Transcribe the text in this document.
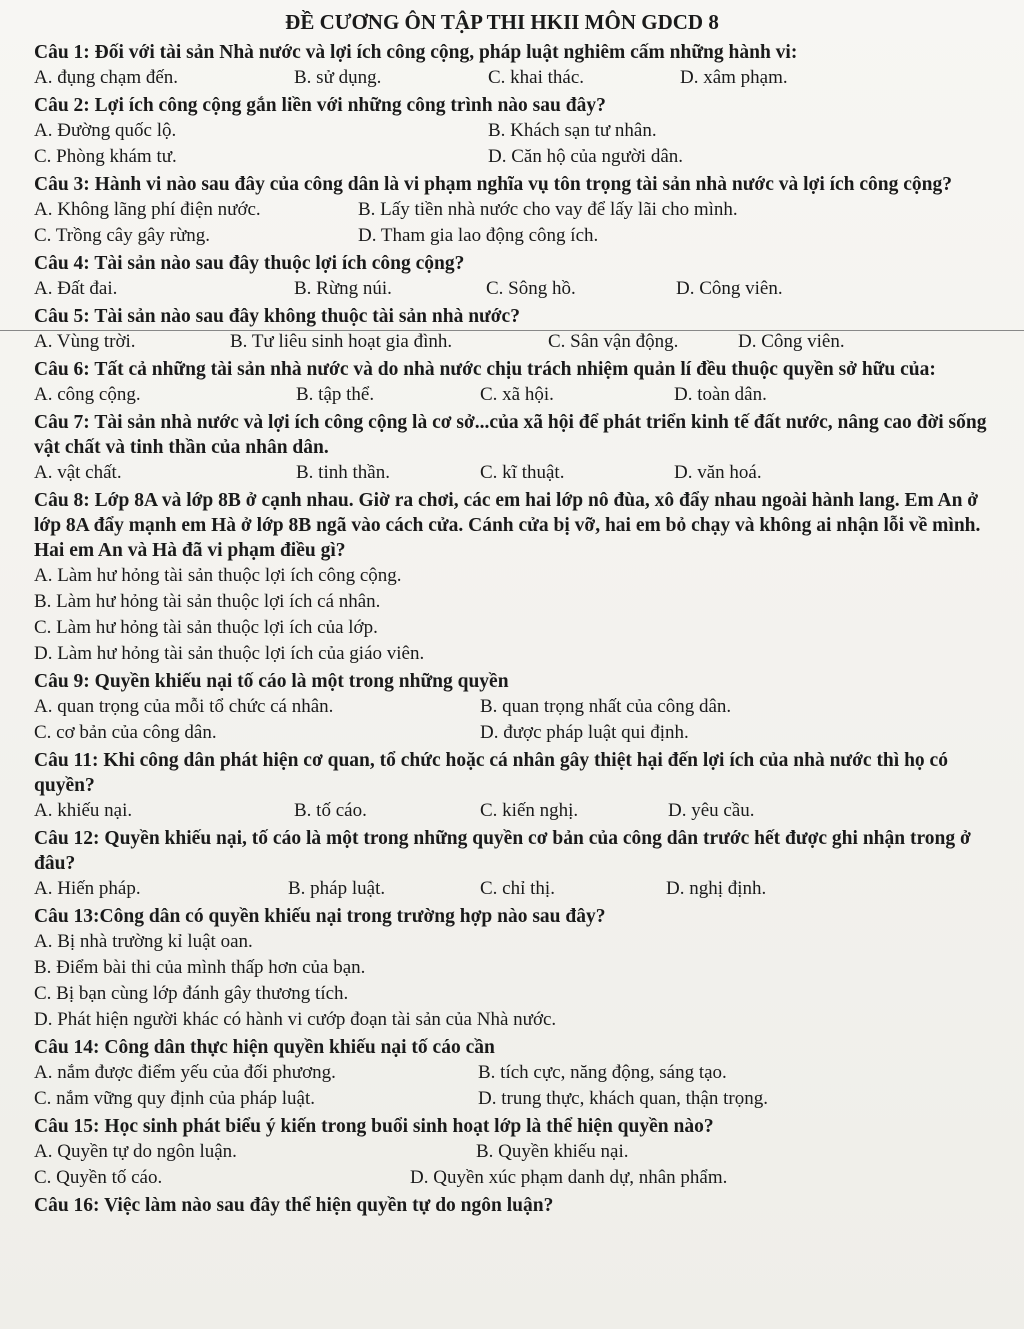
ĐỀ CƯƠNG ÔN TẬP THI HKII MÔN GDCD 8
Câu 1: Đối với tài sản Nhà nước và lợi ích công cộng, pháp luật nghiêm cấm những hành vi:
A. đụng chạm đến.	B. sử dụng.	C. khai thác.	D. xâm phạm.
Câu 2: Lợi ích công cộng gắn liền với những công trình nào sau đây?
A. Đường quốc lộ.	B. Khách sạn tư nhân.
C. Phòng khám tư.	D. Căn hộ của người dân.
Câu 3: Hành vi nào sau đây của công dân là vi phạm nghĩa vụ tôn trọng tài sản nhà nước và lợi ích công cộng?
A. Không lãng phí điện nước.	B. Lấy tiền nhà nước cho vay để lấy lãi cho mình.
C. Trồng cây gây rừng.	D. Tham gia lao động công ích.
Câu 4: Tài sản nào sau đây thuộc lợi ích công cộng?
A. Đất đai.	B. Rừng núi.	C. Sông hồ.	D. Công viên.
Câu 5: Tài sản nào sau đây không thuộc tài sản nhà nước?
A. Vùng trời.	B. Tư liêu sinh hoạt gia đình.	C. Sân vận động.	D. Công viên.
Câu 6: Tất cả những tài sản nhà nước và do nhà nước chịu trách nhiệm quản lí đều thuộc quyền sở hữu của:
A. công cộng.	B. tập thể.	C. xã hội.	D. toàn dân.
Câu 7: Tài sản nhà nước và lợi ích công cộng là cơ sở...của xã hội để phát triển kinh tế đất nước, nâng cao đời sống vật chất và tinh thần của nhân dân.
A. vật chất.	B. tinh thần.	C. kĩ thuật.	D. văn hoá.
Câu 8: Lớp 8A và lớp 8B ở cạnh nhau. Giờ ra chơi, các em hai lớp nô đùa, xô đẩy nhau ngoài hành lang. Em An ở lớp 8A đẩy mạnh em Hà ở lớp 8B ngã vào cách cửa. Cánh cửa bị vỡ, hai em bỏ chạy và không ai nhận lỗi về mình. Hai em An và Hà đã vi phạm điều gì?
A. Làm hư hỏng tài sản thuộc lợi ích công cộng.
B. Làm hư hỏng tài sản thuộc lợi ích cá nhân.
C. Làm hư hỏng tài sản thuộc lợi ích của lớp.
D. Làm hư hỏng tài sản thuộc lợi ích của giáo viên.
Câu 9: Quyền khiếu nại tố cáo là một trong những quyền
A. quan trọng của mỗi tổ chức cá nhân.	B. quan trọng nhất của công dân.
C. cơ bản của công dân.	D. được pháp luật qui định.
Câu 11: Khi công dân phát hiện cơ quan, tổ chức hoặc cá nhân gây thiệt hại đến lợi ích của nhà nước thì họ có quyền?
A. khiếu nại.	B. tố cáo.	C. kiến nghị.	D. yêu cầu.
Câu 12: Quyền khiếu nại, tố cáo là một trong những quyền cơ bản của công dân trước hết được ghi nhận trong ở đâu?
A. Hiến pháp.	B. pháp luật.	C. chỉ thị.	D. nghị định.
Câu 13:Công dân có quyền khiếu nại trong trường hợp nào sau đây?
A. Bị nhà trường kỉ luật oan.
B. Điểm bài thi của mình thấp hơn của bạn.
C. Bị bạn cùng lớp đánh gây thương tích.
D. Phát hiện người khác có hành vi cướp đoạn tài sản của Nhà nước.
Câu 14: Công dân thực hiện quyền khiếu nại tố cáo cần
A. nắm được điểm yếu của đối phương.	B. tích cực, năng động, sáng tạo.
C. nắm vững quy định của pháp luật.	D. trung thực, khách quan, thận trọng.
Câu 15: Học sinh phát biểu ý kiến trong buổi sinh hoạt lớp là thể hiện quyền nào?
A. Quyền tự do ngôn luận.	B. Quyền khiếu nại.
C. Quyền tố cáo.	D. Quyền xúc phạm danh dự, nhân phẩm.
Câu 16: Việc làm nào sau đây thể hiện quyền tự do ngôn luận?
